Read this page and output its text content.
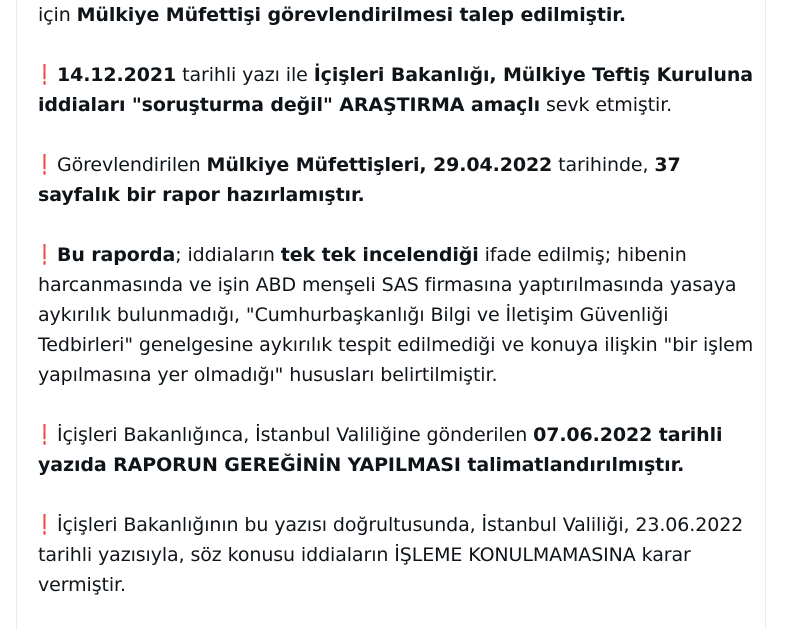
için Mülkiye Müfettişi görevlendirilmesi talep edilmiştir.

❗ 14.12.2021 tarihli yazı ile İçişleri Bakanlığı, Mülkiye Teftiş Kuruluna iddiaları "soruşturma değil" ARAŞTIRMA amaçlı sevk etmiştir.

❗ Görevlendirilen Mülkiye Müfettişleri, 29.04.2022 tarihinde, 37 sayfalık bir rapor hazırlamıştır.

❗ Bu raporda; iddiaların tek tek incelendiği ifade edilmiş; hibenin harcanmasında ve işin ABD menşeli SAS firmasına yaptırılmasında yasaya aykırılık bulunmadığı, "Cumhurbaşkanlığı Bilgi ve İletişim Güvenliği Tedbirleri" genelgesine aykırılık tespit edilmediği ve konuya ilişkin "bir işlem yapılmasına yer olmadığı" hususları belirtilmiştir.

❗ İçişleri Bakanlığınca, İstanbul Valiliğine gönderilen 07.06.2022 tarihli yazıda RAPORUN GEREĞİNİN YAPILMASI talimatlandırılmıştır.

❗ İçişleri Bakanlığının bu yazısı doğrultusunda, İstanbul Valiliği, 23.06.2022 tarihli yazısıyla, söz konusu iddiaların İŞLEME KONULMAMASINA karar vermiştir.
